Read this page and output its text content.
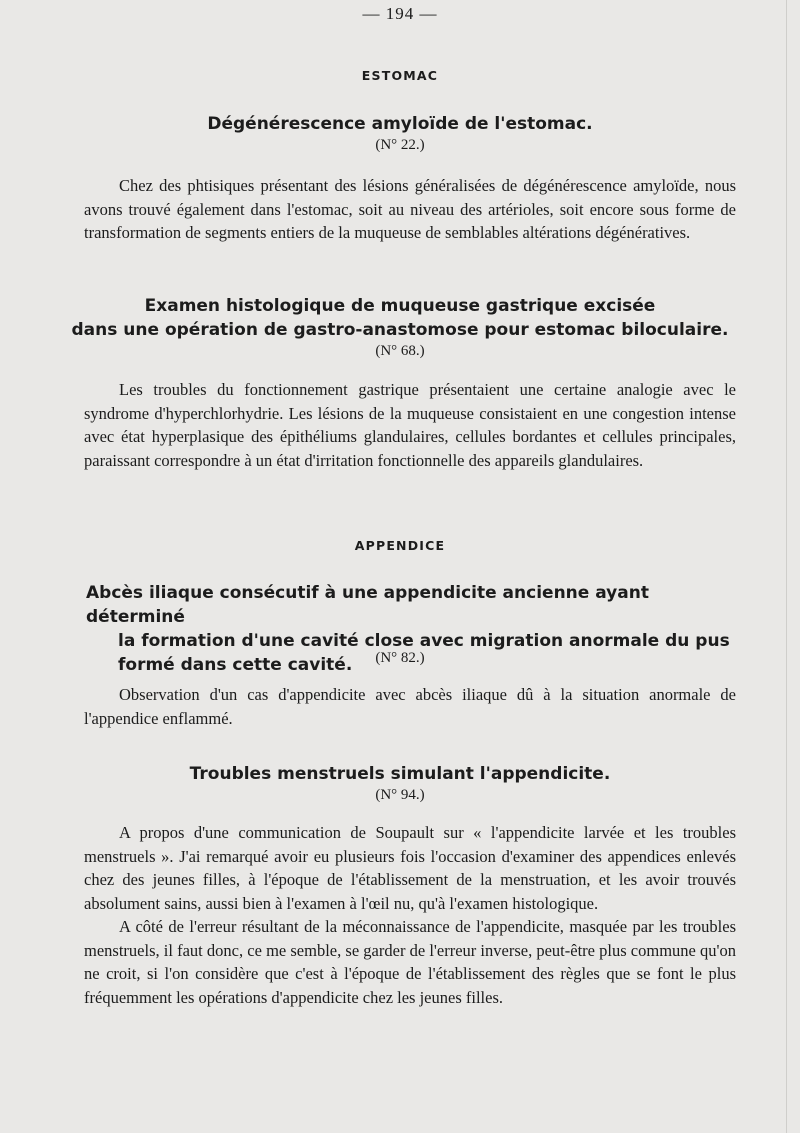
— 194 —
ESTOMAC
Dégénérescence amyloïde de l'estomac.
(N° 22.)

Chez des phtisiques présentant des lésions généralisées de dégénérescence amyloïde, nous avons trouvé également dans l'estomac, soit au niveau des artérioles, soit encore sous forme de transformation de segments entiers de la muqueuse de semblables altérations dégénératives.

Examen histologique de muqueuse gastrique excisée
dans une opération de gastro-anastomose pour estomac biloculaire.
(N° 68.)

Les troubles du fonctionnement gastrique présentaient une certaine analogie avec le syndrome d'hyperchlorhydrie. Les lésions de la muqueuse consistaient en une congestion intense avec état hyperplasique des épithéliums glandulaires, cellules bordantes et cellules principales, paraissant correspondre à un état d'irritation fonctionnelle des appareils glandulaires.

APPENDICE
Abcès iliaque consécutif à une appendicite ancienne ayant déterminé
la formation d'une cavité close avec migration anormale du pus
formé dans cette cavité.	(N° 82.)

Observation d'un cas d'appendicite avec abcès iliaque dû à la situation anormale de l'appendice enflammé.

Troubles menstruels simulant l'appendicite.
(N° 94.)

A propos d'une communication de Soupault sur « l'appendicite larvée et les troubles menstruels ». J'ai remarqué avoir eu plusieurs fois l'occasion d'examiner des appendices enlevés chez des jeunes filles, à l'époque de l'établissement de la menstruation, et les avoir trouvés absolument sains, aussi bien à l'examen à l'œil nu, qu'à l'examen histologique.

A côté de l'erreur résultant de la méconnaissance de l'appendicite, masquée par les troubles menstruels, il faut donc, ce me semble, se garder de l'erreur inverse, peut-être plus commune qu'on ne croit, si l'on considère que c'est à l'époque de l'établissement des règles que se font le plus fréquemment les opérations d'appendicite chez les jeunes filles.
